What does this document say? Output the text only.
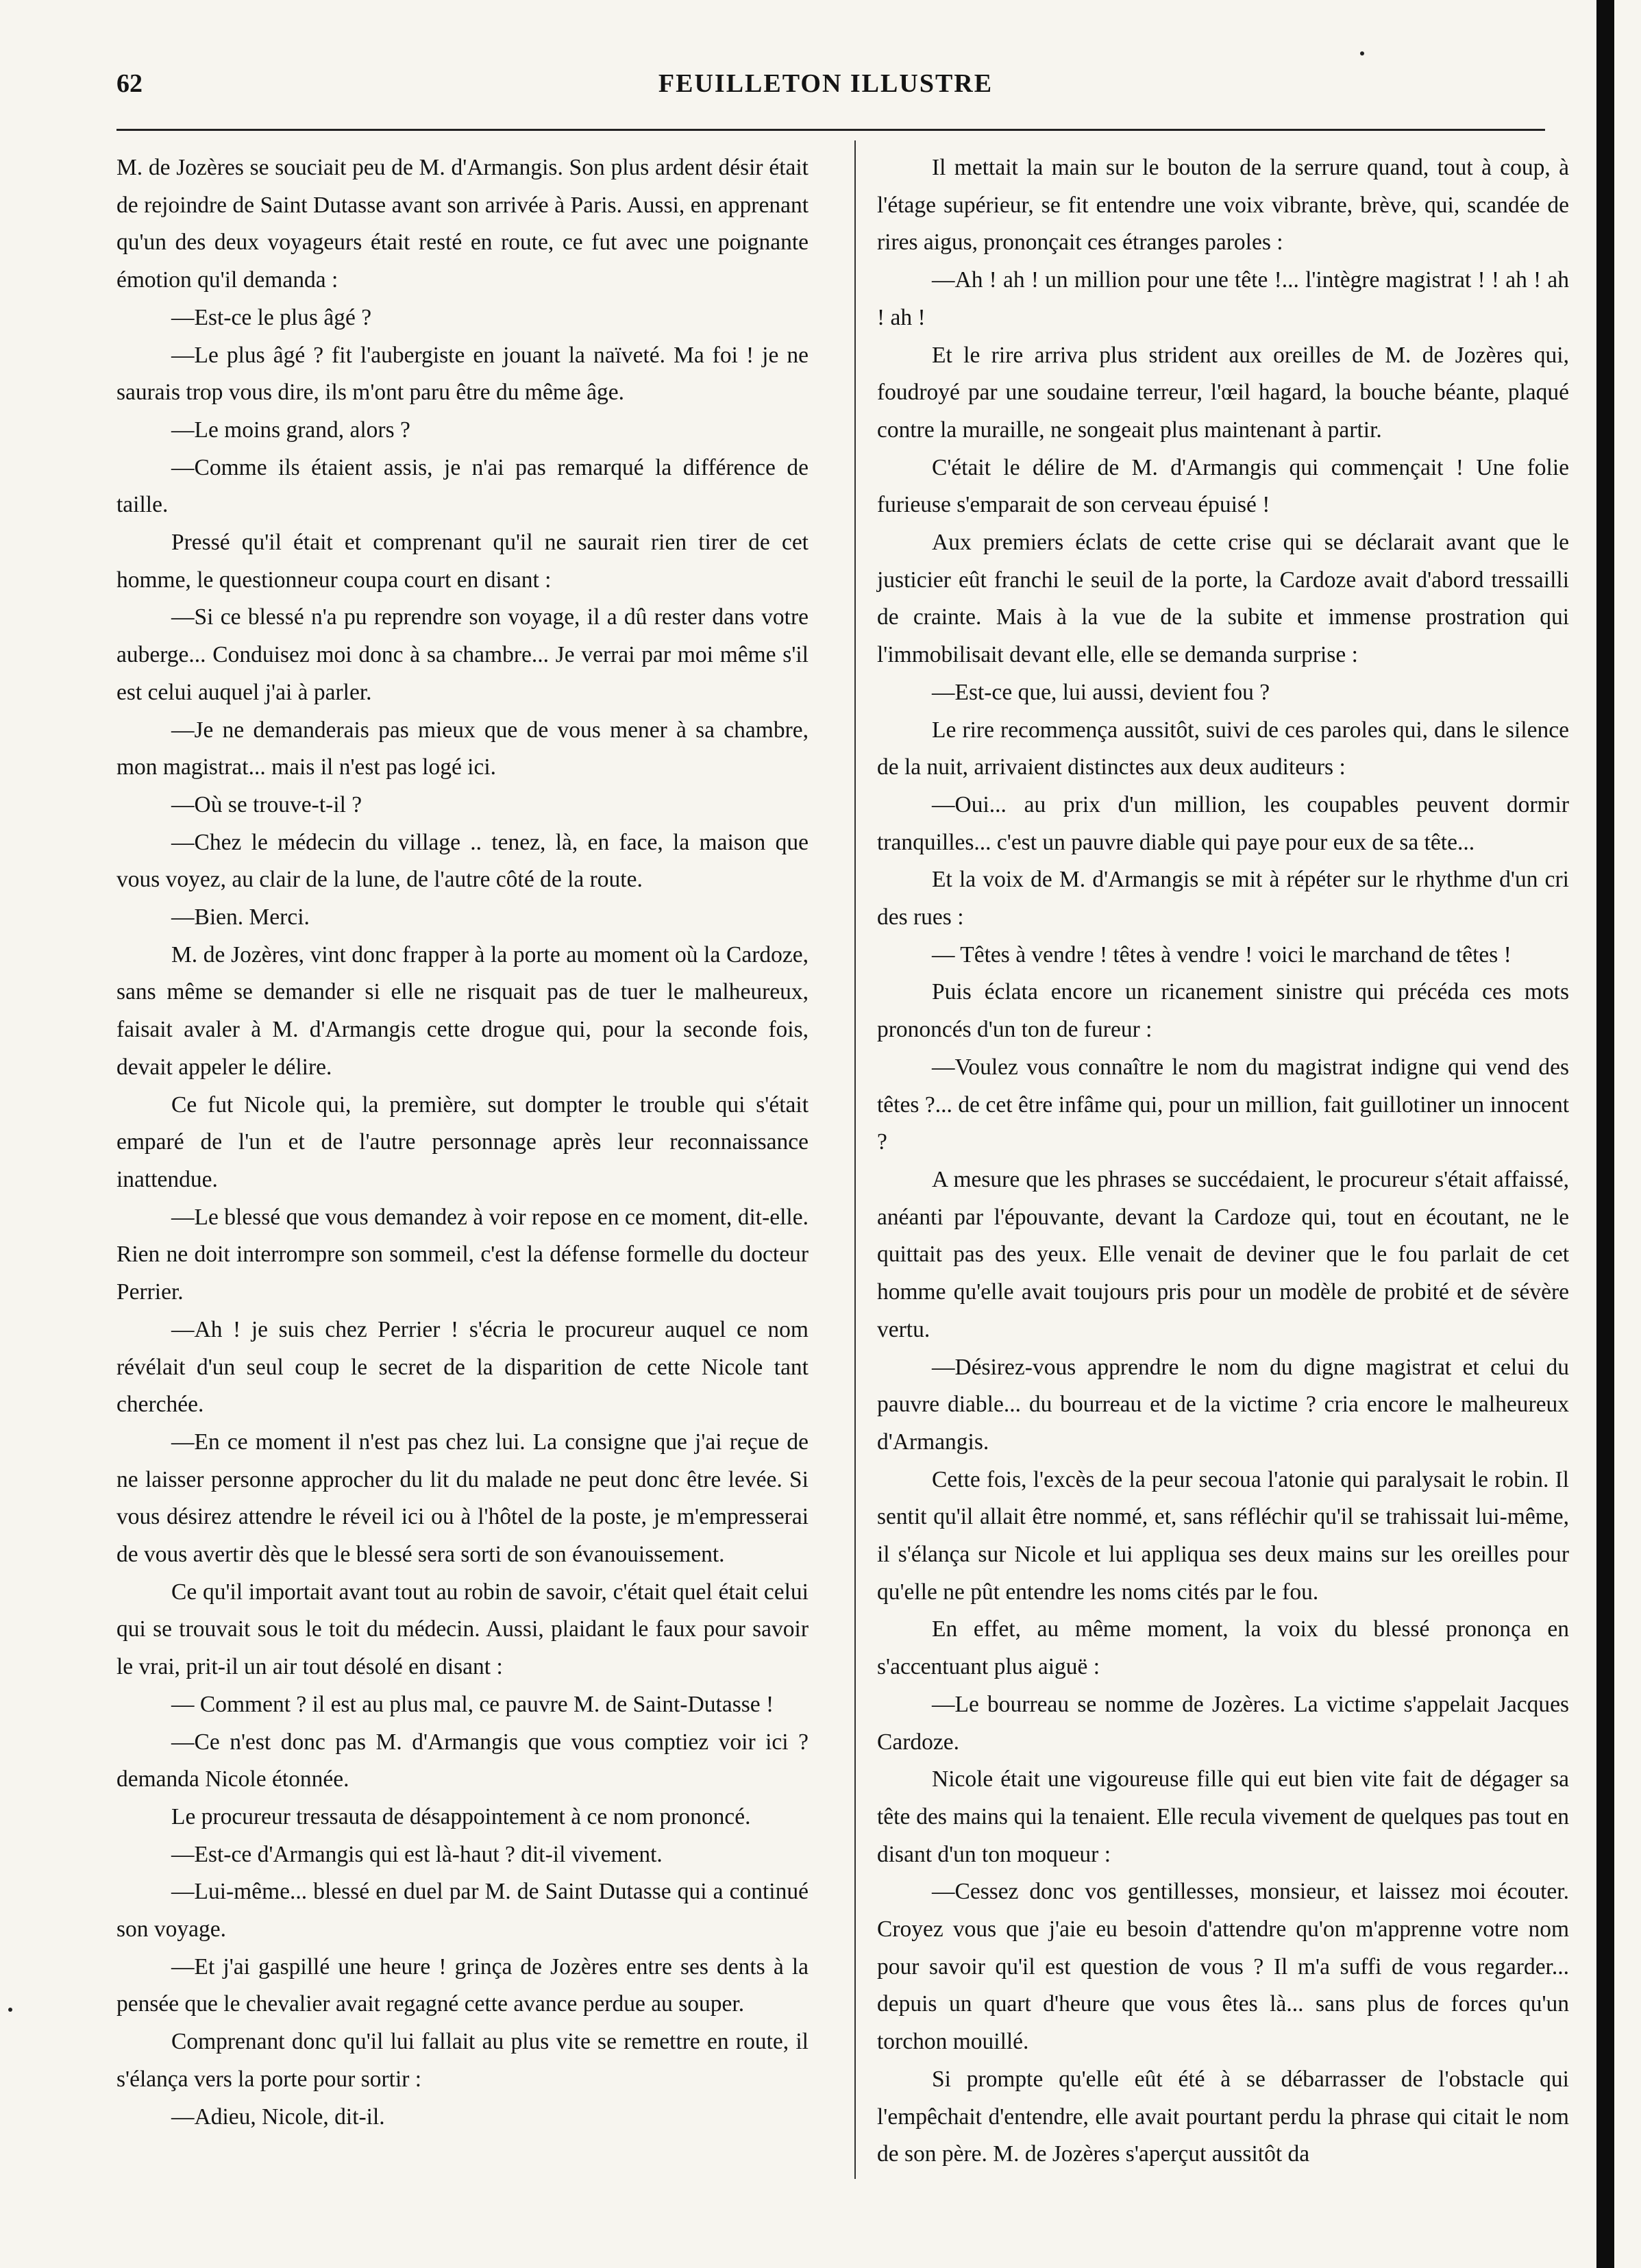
62	FEUILLETON ILLUSTRE

M. de Jozères se souciait peu de M. d'Armangis. Son plus ardent désir était de rejoindre de Saint Dutasse avant son arrivée à Paris. Aussi, en apprenant qu'un des deux voyageurs était resté en route, ce fut avec une poignante émotion qu'il demanda :

—Est-ce le plus âgé ?

—Le plus âgé ? fit l'aubergiste en jouant la naïveté. Ma foi ! je ne saurais trop vous dire, ils m'ont paru être du même âge.

—Le moins grand, alors ?

—Comme ils étaient assis, je n'ai pas remarqué la différence de taille.

Pressé qu'il était et comprenant qu'il ne saurait rien tirer de cet homme, le questionneur coupa court en disant :

—Si ce blessé n'a pu reprendre son voyage, il a dû rester dans votre auberge... Conduisez moi donc à sa chambre... Je verrai par moi même s'il est celui auquel j'ai à parler.

—Je ne demanderais pas mieux que de vous mener à sa chambre, mon magistrat... mais il n'est pas logé ici.

—Où se trouve-t-il ?

—Chez le médecin du village .. tenez, là, en face, la maison que vous voyez, au clair de la lune, de l'autre côté de la route.

—Bien. Merci.

M. de Jozères, vint donc frapper à la porte au moment où la Cardoze, sans même se demander si elle ne risquait pas de tuer le malheureux, faisait avaler à M. d'Armangis cette drogue qui, pour la seconde fois, devait appeler le délire.

Ce fut Nicole qui, la première, sut dompter le trouble qui s'était emparé de l'un et de l'autre personnage après leur reconnaissance inattendue.

—Le blessé que vous demandez à voir repose en ce moment, dit-elle. Rien ne doit interrompre son sommeil, c'est la défense formelle du docteur Perrier.

—Ah ! je suis chez Perrier ! s'écria le procureur auquel ce nom révélait d'un seul coup le secret de la disparition de cette Nicole tant cherchée.

—En ce moment il n'est pas chez lui. La consigne que j'ai reçue de ne laisser personne approcher du lit du malade ne peut donc être levée. Si vous désirez attendre le réveil ici ou à l'hôtel de la poste, je m'empresserai de vous avertir dès que le blessé sera sorti de son évanouissement.

Ce qu'il importait avant tout au robin de savoir, c'était quel était celui qui se trouvait sous le toit du médecin. Aussi, plaidant le faux pour savoir le vrai, prit-il un air tout désolé en disant :

— Comment ? il est au plus mal, ce pauvre M. de Saint-Dutasse !

—Ce n'est donc pas M. d'Armangis que vous comptiez voir ici ? demanda Nicole étonnée.

Le procureur tressauta de désappointement à ce nom prononcé.

—Est-ce d'Armangis qui est là-haut ? dit-il vivement.

—Lui-même... blessé en duel par M. de Saint Dutasse qui a continué son voyage.

—Et j'ai gaspillé une heure ! grinça de Jozères entre ses dents à la pensée que le chevalier avait regagné cette avance perdue au souper.

Comprenant donc qu'il lui fallait au plus vite se remettre en route, il s'élança vers la porte pour sortir :

—Adieu, Nicole, dit-il.

Il mettait la main sur le bouton de la serrure quand, tout à coup, à l'étage supérieur, se fit entendre une voix vibrante, brève, qui, scandée de rires aigus, prononçait ces étranges paroles :

—Ah ! ah ! un million pour une tête !... l'intègre magistrat ! ! ah ! ah ! ah !

Et le rire arriva plus strident aux oreilles de M. de Jozères qui, foudroyé par une soudaine terreur, l'œil hagard, la bouche béante, plaqué contre la muraille, ne songeait plus maintenant à partir.

C'était le délire de M. d'Armangis qui commençait ! Une folie furieuse s'emparait de son cerveau épuisé !

Aux premiers éclats de cette crise qui se déclarait avant que le justicier eût franchi le seuil de la porte, la Cardoze avait d'abord tressailli de crainte. Mais à la vue de la subite et immense prostration qui l'immobilisait devant elle, elle se demanda surprise :

—Est-ce que, lui aussi, devient fou ?

Le rire recommença aussitôt, suivi de ces paroles qui, dans le silence de la nuit, arrivaient distinctes aux deux auditeurs :

—Oui... au prix d'un million, les coupables peuvent dormir tranquilles... c'est un pauvre diable qui paye pour eux de sa tête...

Et la voix de M. d'Armangis se mit à répéter sur le rhythme d'un cri des rues :

— Têtes à vendre ! têtes à vendre ! voici le marchand de têtes !

Puis éclata encore un ricanement sinistre qui précéda ces mots prononcés d'un ton de fureur :

—Voulez vous connaître le nom du magistrat indigne qui vend des têtes ?... de cet être infâme qui, pour un million, fait guillotiner un innocent ?

A mesure que les phrases se succédaient, le procureur s'était affaissé, anéanti par l'épouvante, devant la Cardoze qui, tout en écoutant, ne le quittait pas des yeux. Elle venait de deviner que le fou parlait de cet homme qu'elle avait toujours pris pour un modèle de probité et de sévère vertu.

—Désirez-vous apprendre le nom du digne magistrat et celui du pauvre diable... du bourreau et de la victime ? cria encore le malheureux d'Armangis.

Cette fois, l'excès de la peur secoua l'atonie qui paralysait le robin. Il sentit qu'il allait être nommé, et, sans réfléchir qu'il se trahissait lui-même, il s'élança sur Nicole et lui appliqua ses deux mains sur les oreilles pour qu'elle ne pût entendre les noms cités par le fou.

En effet, au même moment, la voix du blessé prononça en s'accentuant plus aiguë :

—Le bourreau se nomme de Jozères. La victime s'appelait Jacques Cardoze.

Nicole était une vigoureuse fille qui eut bien vite fait de dégager sa tête des mains qui la tenaient. Elle recula vivement de quelques pas tout en disant d'un ton moqueur :

—Cessez donc vos gentillesses, monsieur, et laissez moi écouter. Croyez vous que j'aie eu besoin d'attendre qu'on m'apprenne votre nom pour savoir qu'il est question de vous ? Il m'a suffi de vous regarder... depuis un quart d'heure que vous êtes là... sans plus de forces qu'un torchon mouillé.

Si prompte qu'elle eût été à se débarrasser de l'obstacle qui l'empêchait d'entendre, elle avait pourtant perdu la phrase qui citait le nom de son père. M. de Jozères s'aperçut aussitôt da
